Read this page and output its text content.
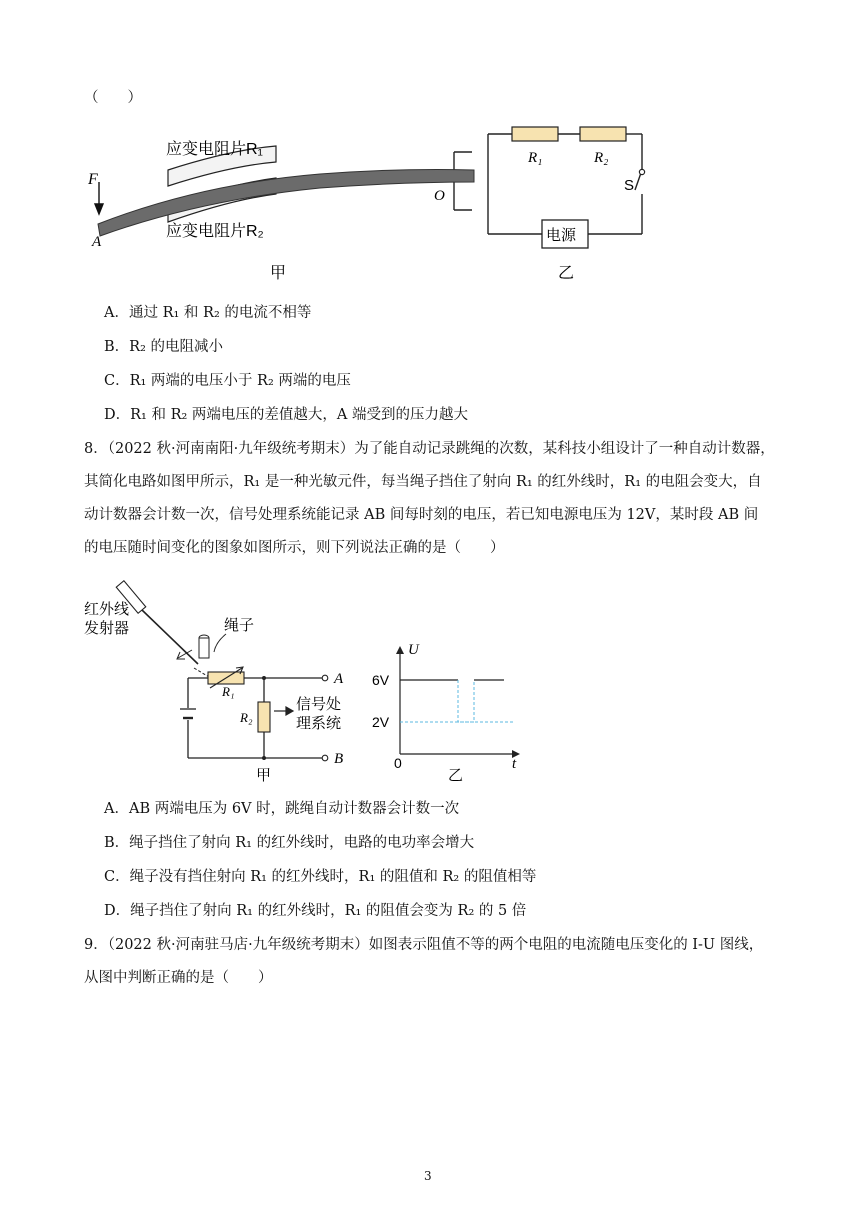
（　　）
F
A
O
应变电阻片R₁
应变电阻片R₂	电源
R₁	R₂
S
甲	乙
A．通过 R₁ 和 R₂ 的电流不相等
B．R₂ 的电阻减小
C．R₁ 两端的电压小于 R₂ 两端的电压
D．R₁ 和 R₂ 两端电压的差值越大，A 端受到的压力越大
8．（2022 秋·河南南阳·九年级统考期末）为了能自动记录跳绳的次数，某科技小组设计了一种自动计数器，
其简化电路如图甲所示，R₁ 是一种光敏元件，每当绳子挡住了射向 R₁ 的红外线时，R₁ 的电阻会变大，自
动计数器会计数一次，信号处理系统能记录 AB 间每时刻的电压，若已知电源电压为 12V，某时段 AB 间
的电压随时间变化的图象如图所示，则下列说法正确的是（　　）
红外线
发射器	绳子
A
B
R₁
R₂
信号处
理系统
甲
U
t
0
6V
2V
乙
A．AB 两端电压为 6V 时，跳绳自动计数器会计数一次
B．绳子挡住了射向 R₁ 的红外线时，电路的电功率会增大
C．绳子没有挡住射向 R₁ 的红外线时，R₁ 的阻值和 R₂ 的阻值相等
D．绳子挡住了射向 R₁ 的红外线时，R₁ 的阻值会变为 R₂ 的 5 倍
9．（2022 秋·河南驻马店·九年级统考期末）如图表示阻值不等的两个电阻的电流随电压变化的 I-U 图线，
从图中判断正确的是（　　）
3
